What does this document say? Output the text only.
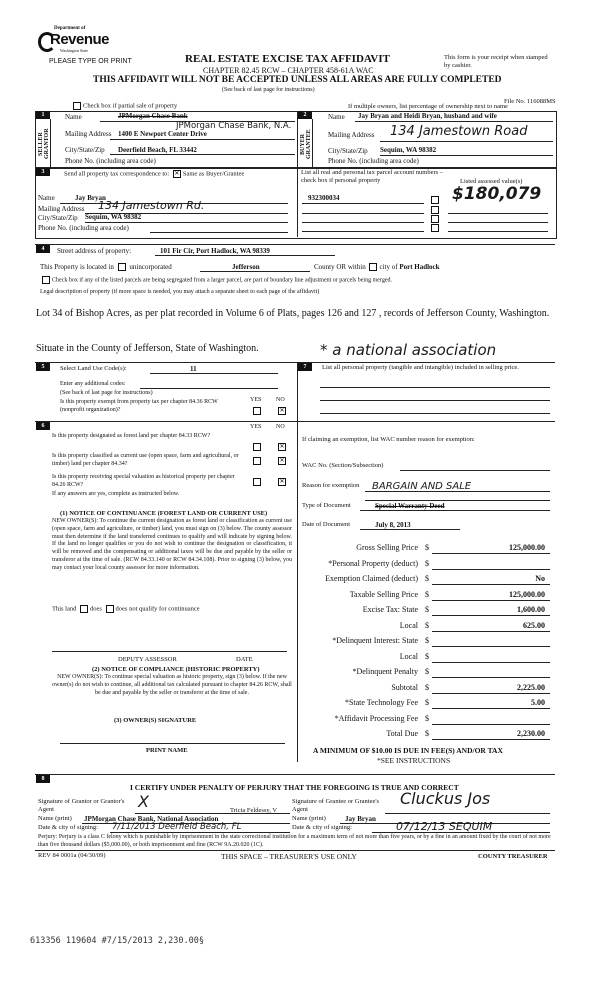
Department of
Revenue
Washington State
PLEASE TYPE OR PRINT	REAL ESTATE EXCISE TAX AFFIDAVIT
CHAPTER 82.45 RCW – CHAPTER 458-61A WAC
THIS AFFIDAVIT WILL NOT BE ACCEPTED UNLESS ALL AREAS ARE FULLY COMPLETED
(See back of last page for instructions)
This form is your receipt when stamped by cashier.
File No. 116088MS
Check box if partial sale of property	If multiple owners, list percentage of ownership next to name
1	2
SELLER GRANTOR	BUYER GRANTEE
Name	JPMorgan Chase Bank
JPMorgan Chase Bank, N.A.
Mailing Address 1400 E Newport Center Drive
City/State/Zip Deerfield Beach, FL 33442
Phone No. (including area code)
Name Jay Bryan and Heidi Bryan, husband and wife
Mailing Address 134 Jamestown Road
City/State/Zip Sequim, WA 98382
Phone No. (including area code)
3	Send all property tax correspondence to: ✕ Same as Buyer/Grantee	List all real and personal tax parcel account numbers – check box if personal property	Listed assessed value(s)
Name	Jay Bryan
Mailing Address 134 Jamestown Rd.
City/State/Zip Sequim, WA 98382
Phone No. (including area code)
932300034	$180,079
4	Street address of property:	101 Fir Cir, Port Hadlock, WA 98339
This Property is located in unincorporated	Jefferson	County OR within city of Port Hadlock
Check box if any of the listed parcels are being segregated from a larger parcel, are part of boundary line adjustment or parcels being merged.
Legal description of property (if more space is needed, you may attach a separate sheet to each page of the affidavit)
Lot 34 of Bishop Acres, as per plat recorded in Volume 6 of Plats, pages 126 and 127 , records of Jefferson County, Washington.
Situate in the County of Jefferson, State of Washington.	* a national association
5	Select Land Use Code(s):	11
Enter any additional codes:
(See back of last page for instructions)
Is this property exempt from property tax per chapter 84.36 RCW (nonprofit organization)?
YES NO
✕
6	YES NO
Is this property designated as forest land per chapter 84.33 RCW?
✕
Is this property classified as current use (open space, farm and agricultural, or timber) land per chapter 84.34?
✕
Is this property receiving special valuation as historical property per chapter 84.26 RCW?
✕
If any answers are yes, complete as instructed below.
(1) NOTICE OF CONTINUANCE (FOREST LAND OR CURRENT USE)
NEW OWNER(S): To continue the current designation as forest land or classification as current use (open space, farm and agriculture, or timber) land, you must sign on (3) below. The county assessor must then determine if the land transferred continues to qualify and will indicate by signing below. If the land no longer qualifies or you do not wish to continue the designation or classification, it will be removed and the compensating or additional taxes will be due and payable by the seller or transferor at the time of sale. (RCW 84.33.140 or RCW 84.34.108). Prior to signing (3) below, you may contact your local county assessor for more information.
This land does does not qualify for continuance
DEPUTY ASSESSOR	DATE
(2) NOTICE OF COMPLIANCE (HISTORIC PROPERTY)
NEW OWNER(S): To continue special valuation as historic property, sign (3) below. If the new owner(s) do not wish to continue, all additional tax calculated pursuant to chapter 84.26 RCW, shall be due and payable by the seller or transferor at the time of sale.
(3) OWNER(S) SIGNATURE
PRINT NAME
7	List all personal property (tangible and intangible) included in selling price.
If claiming an exemption, list WAC number reason for exemption:
WAC No. (Section/Subsection)
Reason for exemption BARGAIN AND SALE
Type of Document	Special Warranty Deed
Date of Document	July 8, 2013
Gross Selling Price $	125,000.00
*Personal Property (deduct) $
Exemption Claimed (deduct) $	No
Taxable Selling Price $	125,000.00
Excise Tax: State $	1,600.00
Local $	625.00
*Delinquent Interest: State $
Local $
*Delinquent Penalty $
Subtotal $	2,225.00
*State Technology Fee $	5.00
*Affidavit Processing Fee $
Total Due $	2,230.00
A MINIMUM OF $10.00 IS DUE IN FEE(S) AND/OR TAX
*SEE INSTRUCTIONS
8
I CERTIFY UNDER PENALTY OF PERJURY THAT THE FOREGOING IS TRUE AND CORRECT
Signature of Grantor or Grantor's Agent	X	Tricia Feldessy, V
Signature of Grantee or Grantee's Agent
Cluckus Jos
Name (print) JPMorgan Chase Bank, National Association	Name (print)	Jay Bryan
Date & city of signing: 7/11/2013 Deerfield Beach, FL	Date & city of signing:	07/12/13 SEQUIM
Perjury: Perjury is a class C felony which is punishable by imprisonment in the state correctional institution for a maximum term of not more than five years, or by a fine in an amount fixed by the court of not more than five thousand dollars ($5,000.00), or both imprisonment and fine (RCW 9A.20.020 (1C).
REV 84 0001a (04/30/09)	THIS SPACE – TREASURER'S USE ONLY	COUNTY TREASURER
613356 119604 #7/15/2013 2,230.00§
